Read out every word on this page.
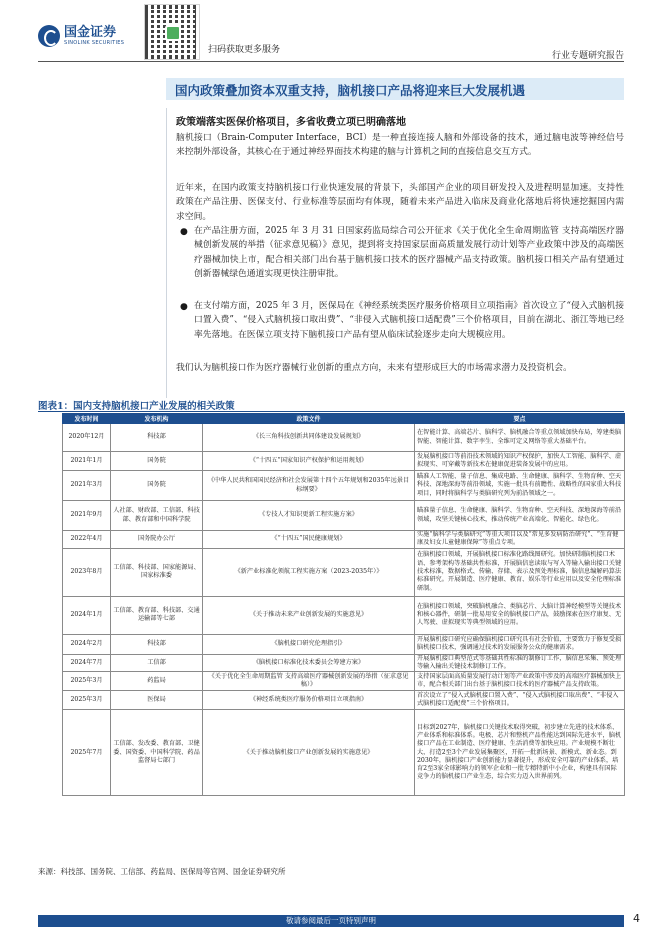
国金证券
SINOLINK SECURITIES
扫码获取更多服务
行业专题研究报告
国内政策叠加资本双重支持，脑机接口产品将迎来巨大发展机遇
政策端落实医保价格项目，多省收费立项已明确落地
脑机接口（Brain-Computer Interface，BCI）是一种直接连接人脑和外部设备的技术，通过脑电波等神经信号来控制外部设备，其核心在于通过神经界面技术构建的脑与计算机之间的直接信息交互方式。
近年来，在国内政策支持脑机接口行业快速发展的背景下，头部国产企业的项目研发投入及进程明显加速。支持性政策在产品注册、医保支付、行业标准等层面均有体现，随着未来产品进入临床及商业化落地后将快速挖掘国内需求空间。
● 在产品注册方面，2025 年 3 月 31 日国家药监局综合司公开征求《关于优化全生命周期监管 支持高端医疗器械创新发展的举措（征求意见稿）》意见，提到将支持国家层面高质量发展行动计划等产业政策中涉及的高端医疗器械加快上市，配合相关部门出台基于脑机接口技术的医疗器械产品支持政策。脑机接口相关产品有望通过创新器械绿色通道实现更快注册审批。
● 在支付端方面，2025 年 3 月，医保局在《神经系统类医疗服务价格项目立项指南》首次设立了“侵入式脑机接口置入费”、“侵入式脑机接口取出费”、“非侵入式脑机接口适配费”三个价格项目，目前在湖北、浙江等地已经率先落地。在医保立项支持下脑机接口产品有望从临床试验逐步走向大规模应用。
我们认为脑机接口作为医疗器械行业创新的重点方向，未来有望形成巨大的市场需求潜力及投资机会。
图表1：国内支持脑机接口产业发展的相关政策
发布时间	发布机构	政策文件	要点
2020年12月	科技部	《长三角科技创新共同体建设发展规划》	在智能计算、高端芯片、脑科学、脑机融合等重点领域加快布局，筹建类脑智能、智能计算、数字孪生、全维可定义网络等重大基础平台。
2021年1月	国务院	《“十四五”国家知识产权保护和运用规划》	发展脑机接口等前沿技术领域的知识产权保护，加快人工智能、脑科学、虚拟现实、可穿戴等新技术在健康促进装备发展中的应用。
2021年3月	国务院	《中华人民共和国国民经济和社会发展第十四个五年规划和2035年远景目标纲要》	瞄准人工智能、量子信息、集成电路、生命健康、脑科学、生物育种、空天科技、深地深海等前沿领域，实施一批具有前瞻性、战略性的国家重大科技项目，同时将脑科学与类脑研究列为前沿领域之一。
2021年9月	人社部、财政部、工信部、科技部、教育部和中国科学院	《专技人才知识更新工程实施方案》	瞄准量子信息、生命健康、脑科学、生物育种、空天科技、深地深海等前沿领域，攻坚关键核心技术，推动传统产业高端化、智能化、绿色化。
2022年4月	国务院办公厅	《“十四五”国民健康规划》	实施“脑科学与类脑研究”等重大项目以及“常见多发病防治研究”、“生育健康及妇女儿童健康保障”等重点专项。
2023年8月	工信部、科技部、国家能源局、国家标准委	《新产业标准化领航工程实施方案（2023-2035年）》	在脑机接口领域，开展脑机接口标准化路线图研究。加快研制脑机接口术语、参考架构等基础共性标准，开展脑信息读取与写入等输入输出接口关键技术标准，数据格式、传输、存储、表示及预处理标准，脑信息编解码算法标准研究。开展制造、医疗健康、教育、娱乐等行业应用以及安全伦理标准研制。
2024年1月	工信部、教育部、科技部、交通运输部等七部	《关于推动未来产业创新发展的实施意见》	在脑机接口领域，突破脑机融合、类脑芯片、大脑计算神经模型等关键技术和核心器件，研制一批易用安全的脑机接口产品，鼓励探索在医疗康复、无人驾驶、虚拟现实等典型领域的应用。
2024年2月	科技部	《脑机接口研究伦理指引》	开展脑机接口研究应确保脑机接口研究具有社会价值，主要致力于修复受损脑机接口技术，强调通过技术的发展服务公众的健康需求。
2024年7月	工信部	《脑机接口标准化技术委员会筹建方案》	开展脑机接口典型范式等基础共性标准的制修订工作，脑信息采集、预处理等输入输出关键技术制修订工作。
2025年3月	药监局	《关于优化全生命周期监管 支持高端医疗器械创新发展的举措（征求意见稿）》	支持国家层面高质量发展行动计划等产业政策中涉及的高端医疗器械加快上市，配合相关部门出台基于脑机接口技术的医疗器械产品支持政策。
2025年3月	医保局	《神经系统类医疗服务价格项目立项指南》	首次设立了“侵入式脑机接口置入费”、“侵入式脑机接口取出费”、“非侵入式脑机接口适配费”三个价格项目。
2025年7月	工信部、发改委、教育部、卫健委、国资委、中国科学院、药品监督局七部门	《关于推动脑机接口产业创新发展的实施意见》	目标到2027年，脑机接口关键技术取得突破，初步建立先进的技术体系、产业体系和标准体系。电极、芯片和整机产品性能达到国际先进水平，脑机接口产品在工业制造、医疗健康、生活消费等加快应用。产业规模不断壮大，打造2至3个产业发展集聚区，开拓一批新场景、新模式、新业态。到2030年，脑机接口产业创新能力显著提升，形成安全可靠的产业体系，培育2至3家全球影响力的领军企业和一批专精特新中小企业，构建具有国际竞争力的脑机接口产业生态，综合实力迈入世界前列。
来源：科技部、国务院、工信部、药监局、医保局等官网、国金证券研究所
敬请参阅最后一页特别声明	4
